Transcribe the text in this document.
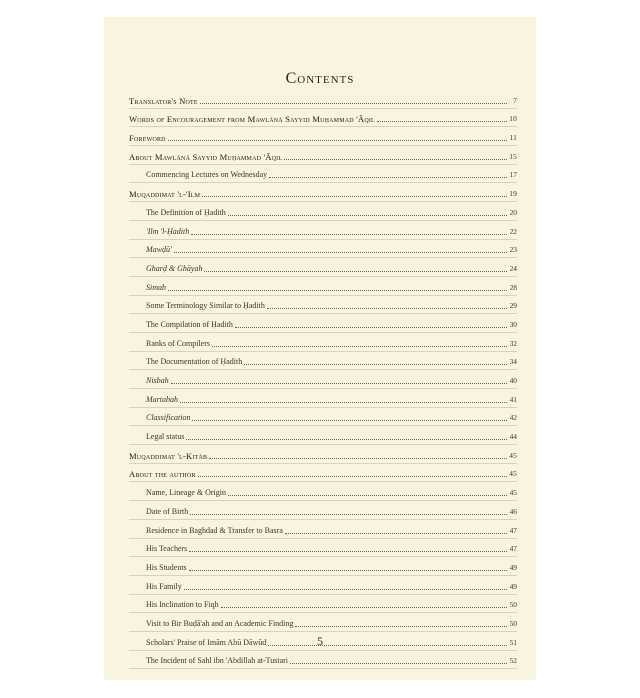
Contents
Translator's Note	7
Words of Encouragement from Mawlānā Sayyid Muḥammad 'Āqil	10
Foreword	11
About Mawlānā Sayyid Muḥammad 'Āqil	15
Commencing Lectures on Wednesday	17
Muqaddimat 'l-'Ilm	19
The Definition of Ḥadith	20
'Ilm 'l-Ḥadith	22
Mawḍū'	23
Gharḍ & Ghāyah	24
Simah	28
Some Terminology Similar to Ḥadith	29
The Compilation of Ḥadith	30
Ranks of Compilers	32
The Documentation of Ḥadith	34
Nisbah	40
Martabah	41
Classification	42
Legal status	44
Muqaddimat 'l-Kitāb	45
About the author	45
Name, Lineage & Origin	45
Date of Birth	46
Residence in Baghdad & Transfer to Basra	47
His Teachers	47
His Students	49
His Family	49
His Inclination to Fiqh	50
Visit to Bir Buḍā'ah and an Academic Finding	50
Scholars' Praise of Imām Abū Dāwūd	51
The Incident of Sahl ibn 'Abdillah at-Tustari	52
5
